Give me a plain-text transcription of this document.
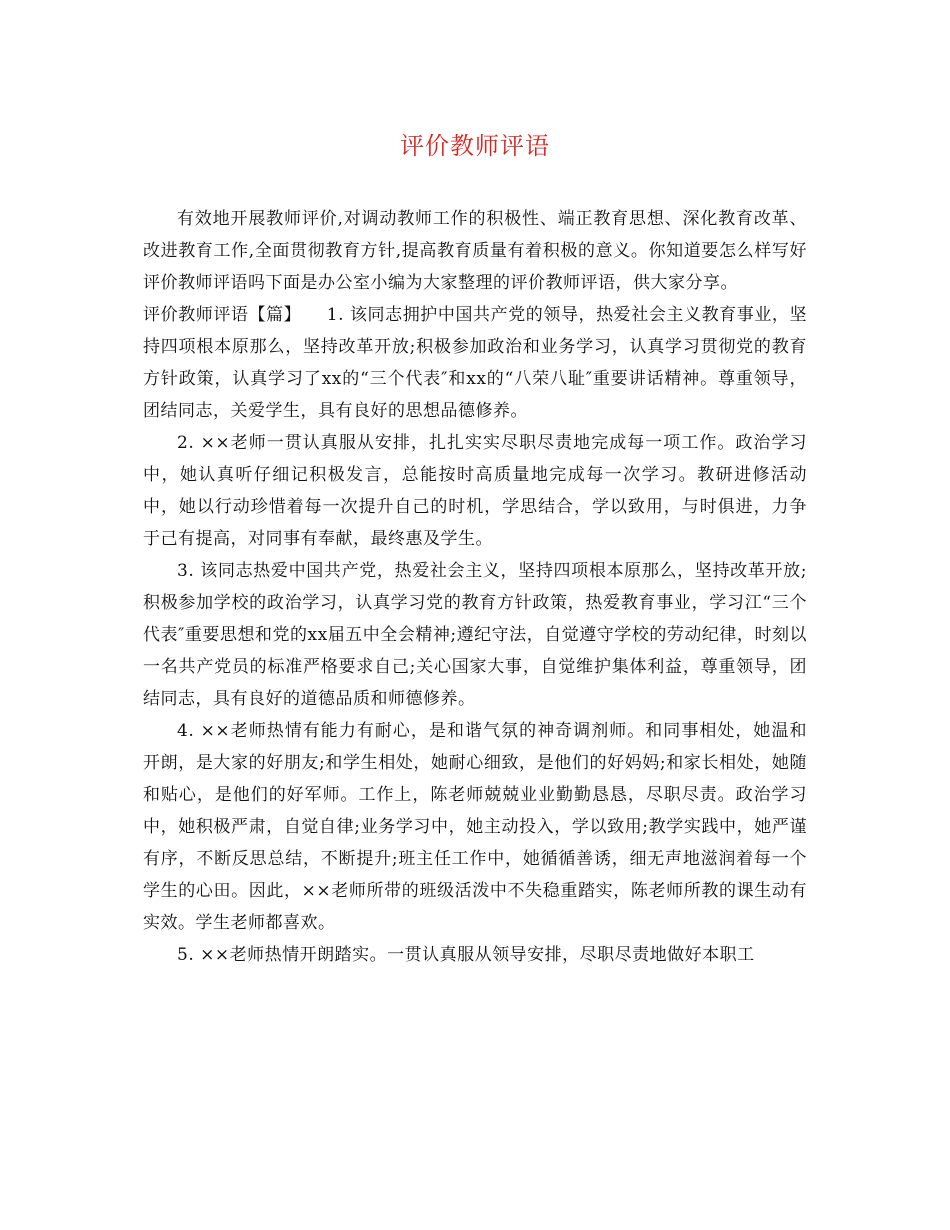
评价教师评语

有效地开展教师评价,对调动教师工作的积极性、端正教育思想、深化教育改革、改进教育工作,全面贯彻教育方针,提高教育质量有着积极的意义。你知道要怎么样写好评价教师评语吗下面是办公室小编为大家整理的评价教师评语，供大家分享。

评价教师评语【篇】 1. 该同志拥护中国共产党的领导，热爱社会主义教育事业，坚持四项根本原那么，坚持改革开放;积极参加政治和业务学习，认真学习贯彻党的教育方针政策，认真学习了xx的“三个代表″和xx的“八荣八耻″重要讲话精神。尊重领导，团结同志，关爱学生，具有良好的思想品德修养。

2. ××老师一贯认真服从安排，扎扎实实尽职尽责地完成每一项工作。政治学习中，她认真听仔细记积极发言，总能按时高质量地完成每一次学习。教研进修活动中，她以行动珍惜着每一次提升自己的时机，学思结合，学以致用，与时俱进，力争于己有提高，对同事有奉献，最终惠及学生。

3. 该同志热爱中国共产党，热爱社会主义，坚持四项根本原那么，坚持改革开放;积极参加学校的政治学习，认真学习党的教育方针政策，热爱教育事业，学习江“三个代表″重要思想和党的xx届五中全会精神;遵纪守法，自觉遵守学校的劳动纪律，时刻以一名共产党员的标准严格要求自己;关心国家大事，自觉维护集体利益，尊重领导，团结同志，具有良好的道德品质和师德修养。

4. ××老师热情有能力有耐心，是和谐气氛的神奇调剂师。和同事相处，她温和开朗，是大家的好朋友;和学生相处，她耐心细致，是他们的好妈妈;和家长相处，她随和贴心，是他们的好军师。工作上，陈老师兢兢业业勤勤恳恳，尽职尽责。政治学习中，她积极严肃，自觉自律;业务学习中，她主动投入，学以致用;教学实践中，她严谨有序，不断反思总结，不断提升;班主任工作中，她循循善诱，细无声地滋润着每一个学生的心田。因此，××老师所带的班级活泼中不失稳重踏实，陈老师所教的课生动有实效。学生老师都喜欢。

5. ××老师热情开朗踏实。一贯认真服从领导安排，尽职尽责地做好本职工
